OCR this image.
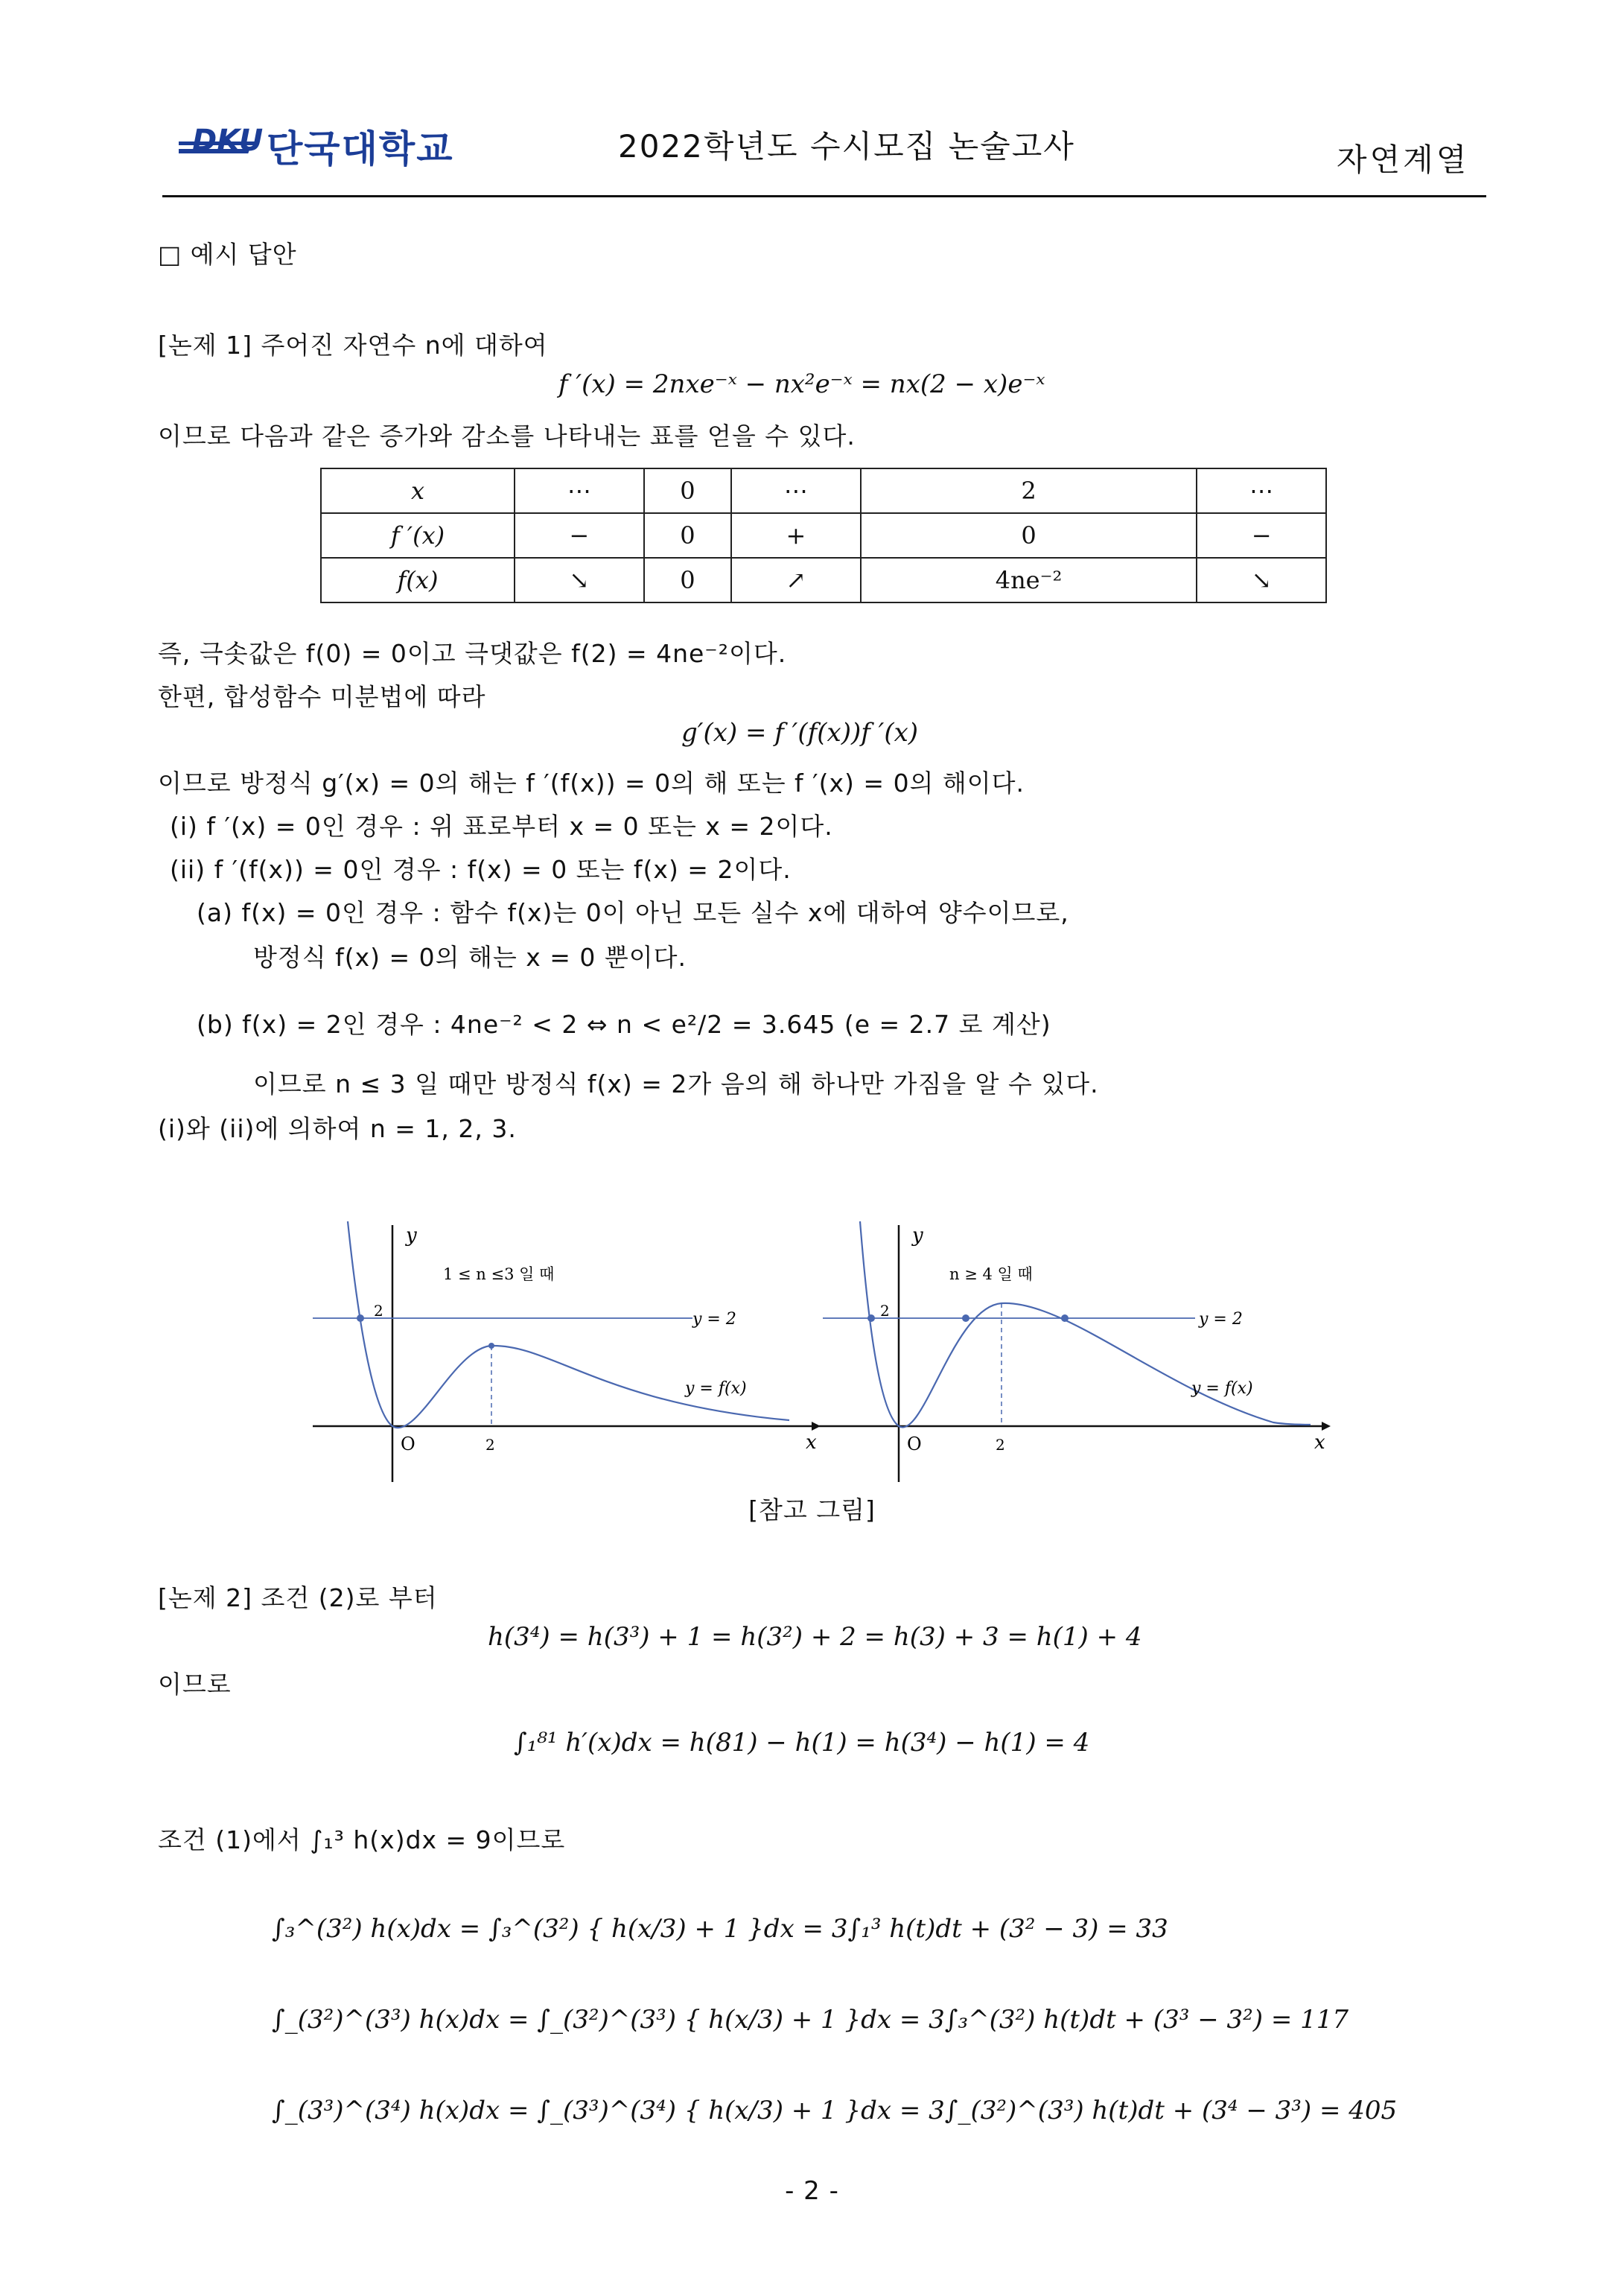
DKU 단국대학교	2022학년도 수시모집 논술고사	자연계열
□ 예시 답안
[논제 1] 주어진 자연수 n에 대하여
f ′(x) = 2nxe⁻ˣ − nx²e⁻ˣ = nx(2 − x)e⁻ˣ
이므로 다음과 같은 증가와 감소를 나타내는 표를 얻을 수 있다.
x	⋯	0	⋯	2	⋯
f ′(x)	−	0	+	0	−
f(x)	↘	0	↗	4ne⁻²	↘
즉, 극솟값은 f(0) = 0이고 극댓값은 f(2) = 4ne⁻²이다.
한편, 합성함수 미분법에 따라
g′(x) = f ′(f(x))f ′(x)
이므로 방정식 g′(x) = 0의 해는 f ′(f(x)) = 0의 해 또는 f ′(x) = 0의 해이다.
(i) f ′(x) = 0인 경우 : 위 표로부터 x = 0 또는 x = 2이다.
(ii) f ′(f(x)) = 0인 경우 : f(x) = 0 또는 f(x) = 2이다.
(a) f(x) = 0인 경우 : 함수 f(x)는 0이 아닌 모든 실수 x에 대하여 양수이므로,
방정식 f(x) = 0의 해는 x = 0 뿐이다.
(b) f(x) = 2인 경우 : 4ne⁻² < 2 ⇔ n < e²/2 = 3.645 (e = 2.7 로 계산)
이므로 n ≤ 3 일 때만 방정식 f(x) = 2가 음의 해 하나만 가짐을 알 수 있다.
(i)와 (ii)에 의하여 n = 1, 2, 3.
y
x
O	2
2
1 ≤ n ≤3 일 때
y = 2
y = f(x)
y
x
O	2
2
n ≥ 4 일 때
y = 2
y = f(x)
[참고 그림]
[논제 2] 조건 (2)로 부터
h(3⁴) = h(3³) + 1 = h(3²) + 2 = h(3) + 3 = h(1) + 4
이므로
∫₁⁸¹ h′(x)dx = h(81) − h(1) = h(3⁴) − h(1) = 4
조건 (1)에서 ∫₁³ h(x)dx = 9이므로
∫₃^(3²) h(x)dx = ∫₃^(3²) { h(x/3) + 1 }dx = 3∫₁³ h(t)dt + (3² − 3) = 33
∫_(3²)^(3³) h(x)dx = ∫_(3²)^(3³) { h(x/3) + 1 }dx = 3∫₃^(3²) h(t)dt + (3³ − 3²) = 117
∫_(3³)^(3⁴) h(x)dx = ∫_(3³)^(3⁴) { h(x/3) + 1 }dx = 3∫_(3²)^(3³) h(t)dt + (3⁴ − 3³) = 405
- 2 -
